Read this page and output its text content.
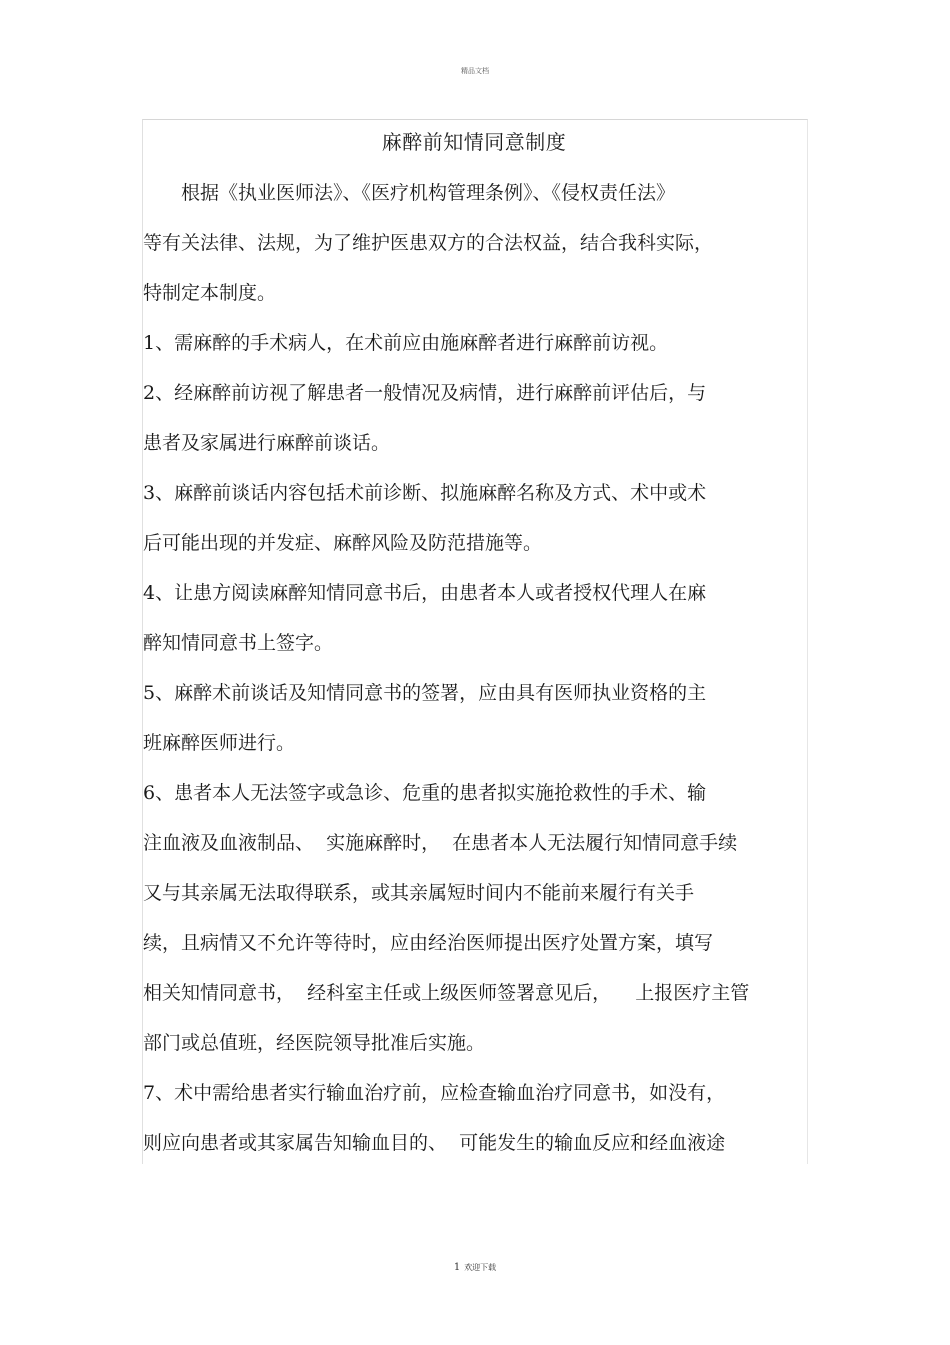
精品文档
麻醉前知情同意制度
　　根据《执业医师法》、《医疗机构管理条例》、《侵权责任法》
等有关法律、法规，为了维护医患双方的合法权益，结合我科实际，
特制定本制度。
1、需麻醉的手术病人，在术前应由施麻醉者进行麻醉前访视。
2、经麻醉前访视了解患者一般情况及病情，进行麻醉前评估后，与
患者及家属进行麻醉前谈话。
3、麻醉前谈话内容包括术前诊断、拟施麻醉名称及方式、术中或术
后可能出现的并发症、麻醉风险及防范措施等。
4、让患方阅读麻醉知情同意书后，由患者本人或者授权代理人在麻
醉知情同意书上签字。
5、麻醉术前谈话及知情同意书的签署，应由具有医师执业资格的主
班麻醉医师进行。
6、患者本人无法签字或急诊、危重的患者拟实施抢救性的手术、输
注血液及血液制品、  实施麻醉时，  在患者本人无法履行知情同意手续
又与其亲属无法取得联系，或其亲属短时间内不能前来履行有关手
续，且病情又不允许等待时，应由经治医师提出医疗处置方案，填写
相关知情同意书，  经科室主任或上级医师签署意见后，    上报医疗主管
部门或总值班，经医院领导批准后实施。
7、术中需给患者实行输血治疗前，应检查输血治疗同意书，如没有，
则应向患者或其家属告知输血目的、  可能发生的输血反应和经血液途
1 欢迎下载
